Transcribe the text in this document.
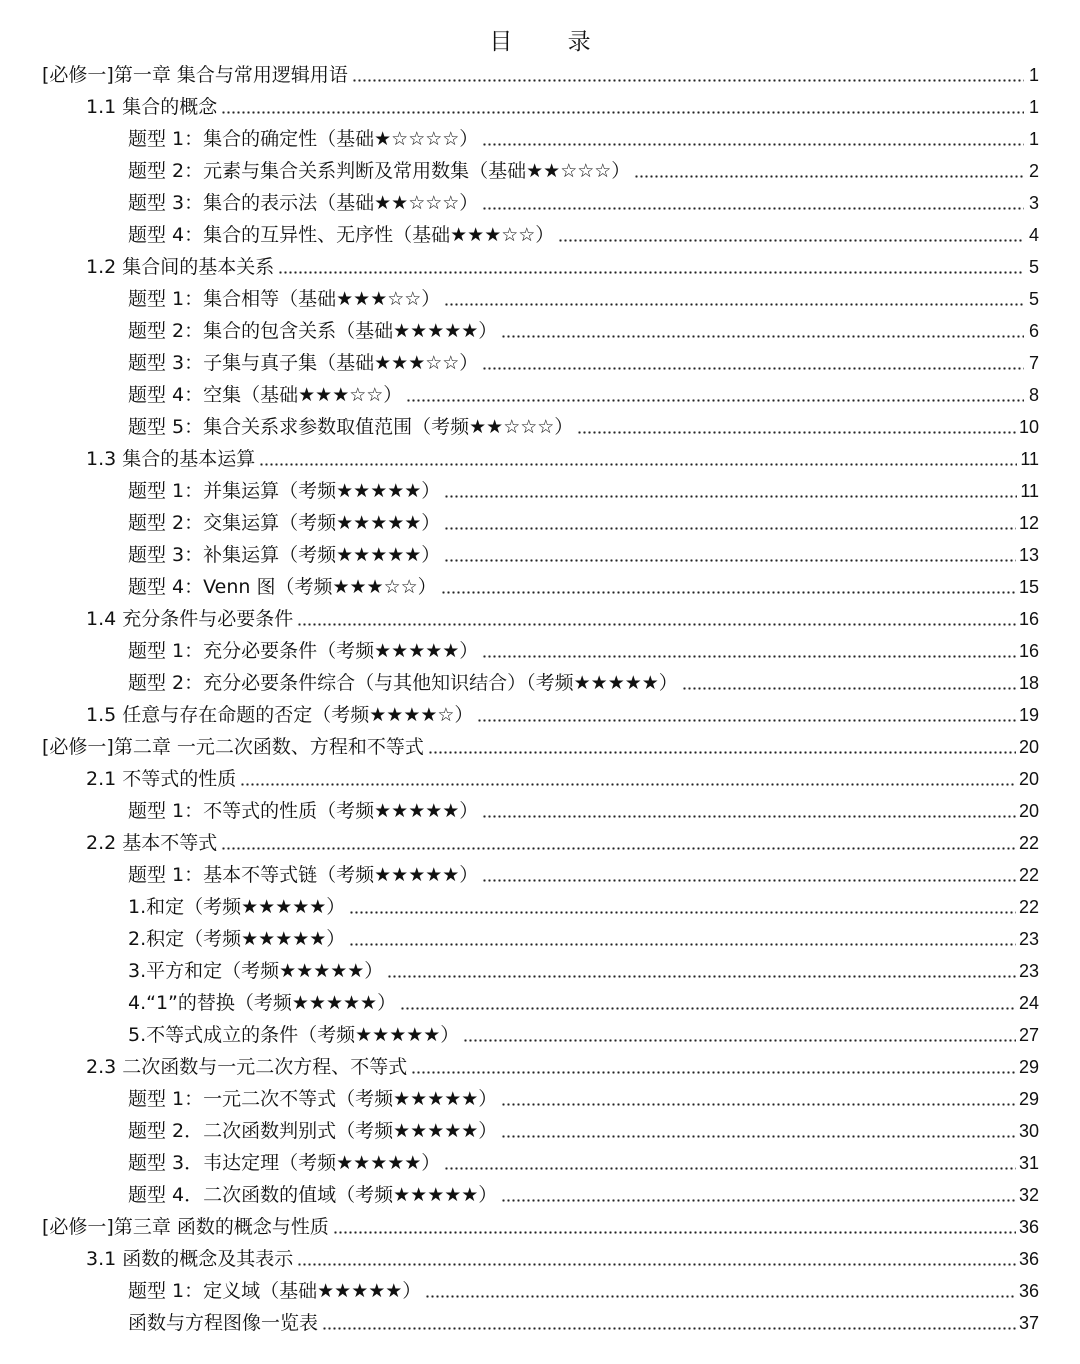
目 录
[必修一]第一章 集合与常用逻辑用语	1
1.1 集合的概念	1
题型 1：集合的确定性（基础★☆☆☆☆）	1
题型 2：元素与集合关系判断及常用数集（基础★★☆☆☆）	2
题型 3：集合的表示法（基础★★☆☆☆）	3
题型 4：集合的互异性、无序性（基础★★★☆☆）	4
1.2 集合间的基本关系	5
题型 1：集合相等（基础★★★☆☆）	5
题型 2：集合的包含关系（基础★★★★★）	6
题型 3：子集与真子集（基础★★★☆☆）	7
题型 4：空集（基础★★★☆☆）	8
题型 5：集合关系求参数取值范围（考频★★☆☆☆）	10
1.3 集合的基本运算	11
题型 1：并集运算（考频★★★★★）	11
题型 2：交集运算（考频★★★★★）	12
题型 3：补集运算（考频★★★★★）	13
题型 4：Venn 图（考频★★★☆☆）	15
1.4 充分条件与必要条件	16
题型 1：充分必要条件（考频★★★★★）	16
题型 2：充分必要条件综合（与其他知识结合）（考频★★★★★）	18
1.5 任意与存在命题的否定（考频★★★★☆）	19
[必修一]第二章 一元二次函数、方程和不等式	20
2.1 不等式的性质	20
题型 1：不等式的性质（考频★★★★★）	20
2.2 基本不等式	22
题型 1：基本不等式链（考频★★★★★）	22
1.和定（考频★★★★★）	22
2.积定（考频★★★★★）	23
3.平方和定（考频★★★★★）	23
4.“1”的替换（考频★★★★★）	24
5.不等式成立的条件（考频★★★★★）	27
2.3 二次函数与一元二次方程、不等式	29
题型 1：一元二次不等式（考频★★★★★）	29
题型 2．二次函数判别式（考频★★★★★）	30
题型 3．韦达定理（考频★★★★★）	31
题型 4．二次函数的值域（考频★★★★★）	32
[必修一]第三章 函数的概念与性质	36
3.1 函数的概念及其表示	36
题型 1：定义域（基础★★★★★）	36
函数与方程图像一览表	37
